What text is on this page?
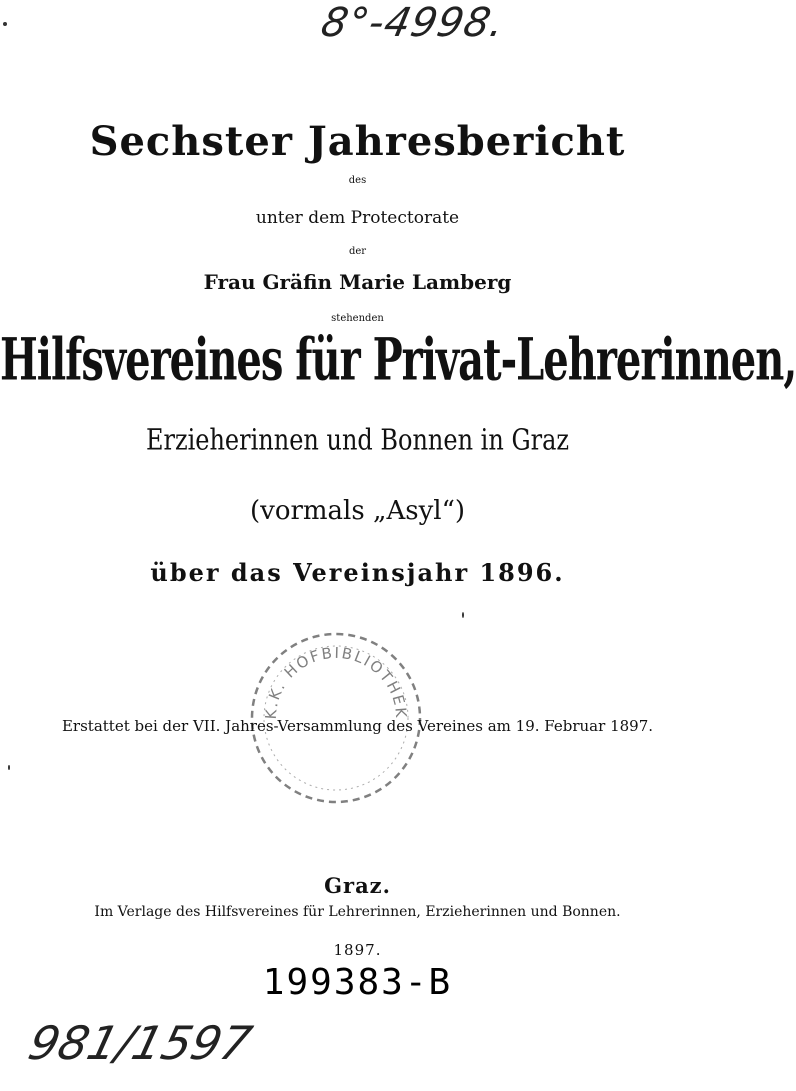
8°-4998.
Sechster Jahresbericht
des
unter dem Protectorate
der
Frau Gräfin Marie Lamberg
stehenden
Hilfsvereines für Privat-Lehrerinnen,
Erzieherinnen und Bonnen in Graz
(vormals „Asyl“)
über das Vereinsjahr 1896.
K.K. HOFBIBLIOTHEK
Erstattet bei der VII. Jahres-Versammlung des Vereines am 19. Februar 1897.
Graz.
Im Verlage des Hilfsvereines für Lehrerinnen, Erzieherinnen und Bonnen.
1897.
199383-B
981/1597
